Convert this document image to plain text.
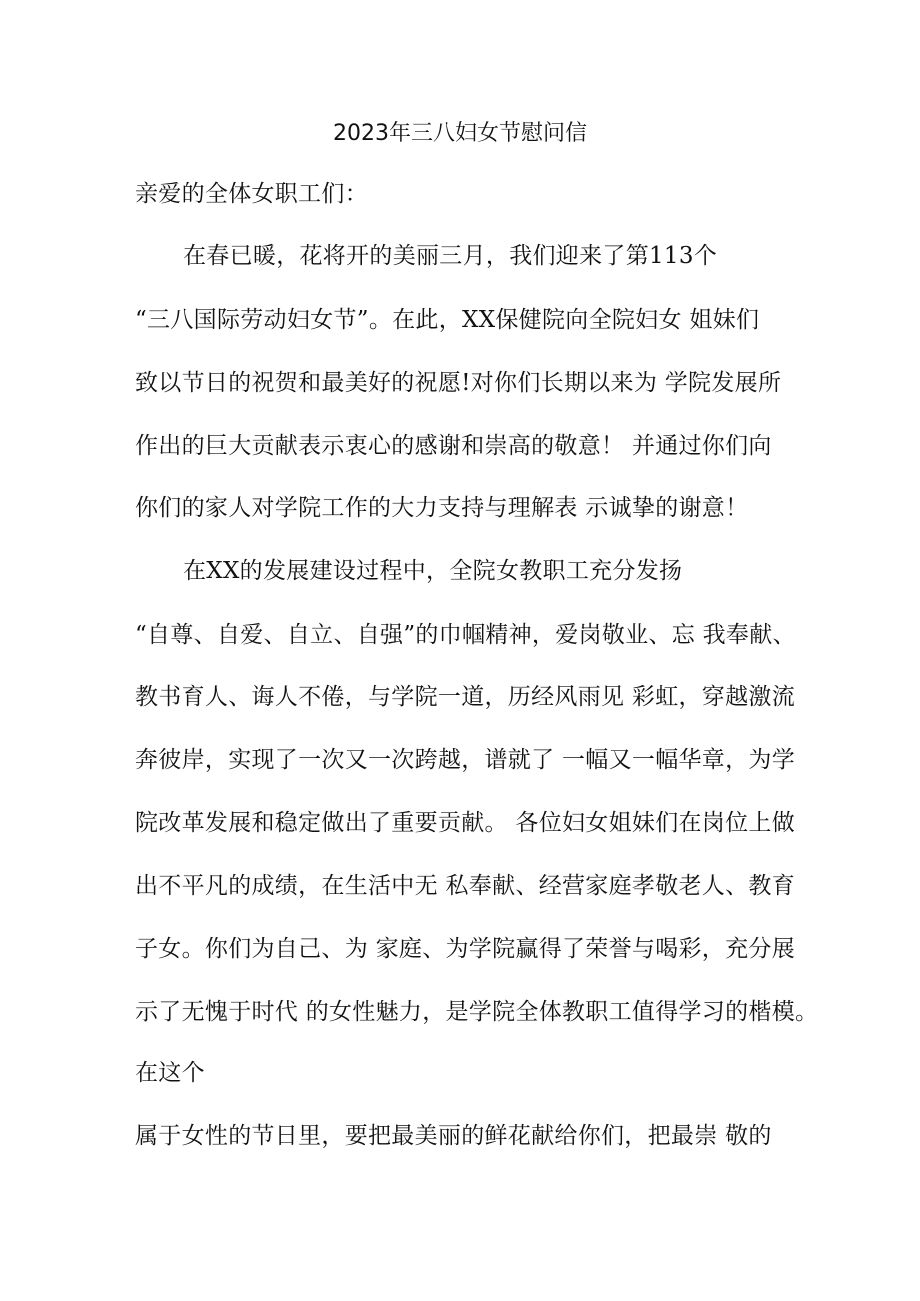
2023年三八妇女节慰问信
亲爱的全体女职工们：
在春已暖，花将开的美丽三月，我们迎来了第113个
“三八国际劳动妇女节”。在此，XX保健院向全院妇女 姐妹们
致以节日的祝贺和最美好的祝愿!对你们长期以来为 学院发展所
作出的巨大贡献表示衷心的感谢和崇高的敬意！ 并通过你们向
你们的家人对学院工作的大力支持与理解表 示诚挚的谢意！
在XX的发展建设过程中，全院女教职工充分发扬
“自尊、自爱、自立、自强”的巾帼精神，爱岗敬业、忘 我奉献、
教书育人、诲人不倦，与学院一道，历经风雨见 彩虹，穿越激流
奔彼岸，实现了一次又一次跨越，谱就了 一幅又一幅华章，为学
院改革发展和稳定做出了重要贡献。 各位妇女姐妹们在岗位上做
出不平凡的成绩，在生活中无 私奉献、经营家庭孝敬老人、教育
子女。你们为自己、为 家庭、为学院赢得了荣誉与喝彩，充分展
示了无愧于时代 的女性魅力，是学院全体教职工值得学习的楷模。
在这个
属于女性的节日里，要把最美丽的鲜花献给你们，把最崇 敬的
